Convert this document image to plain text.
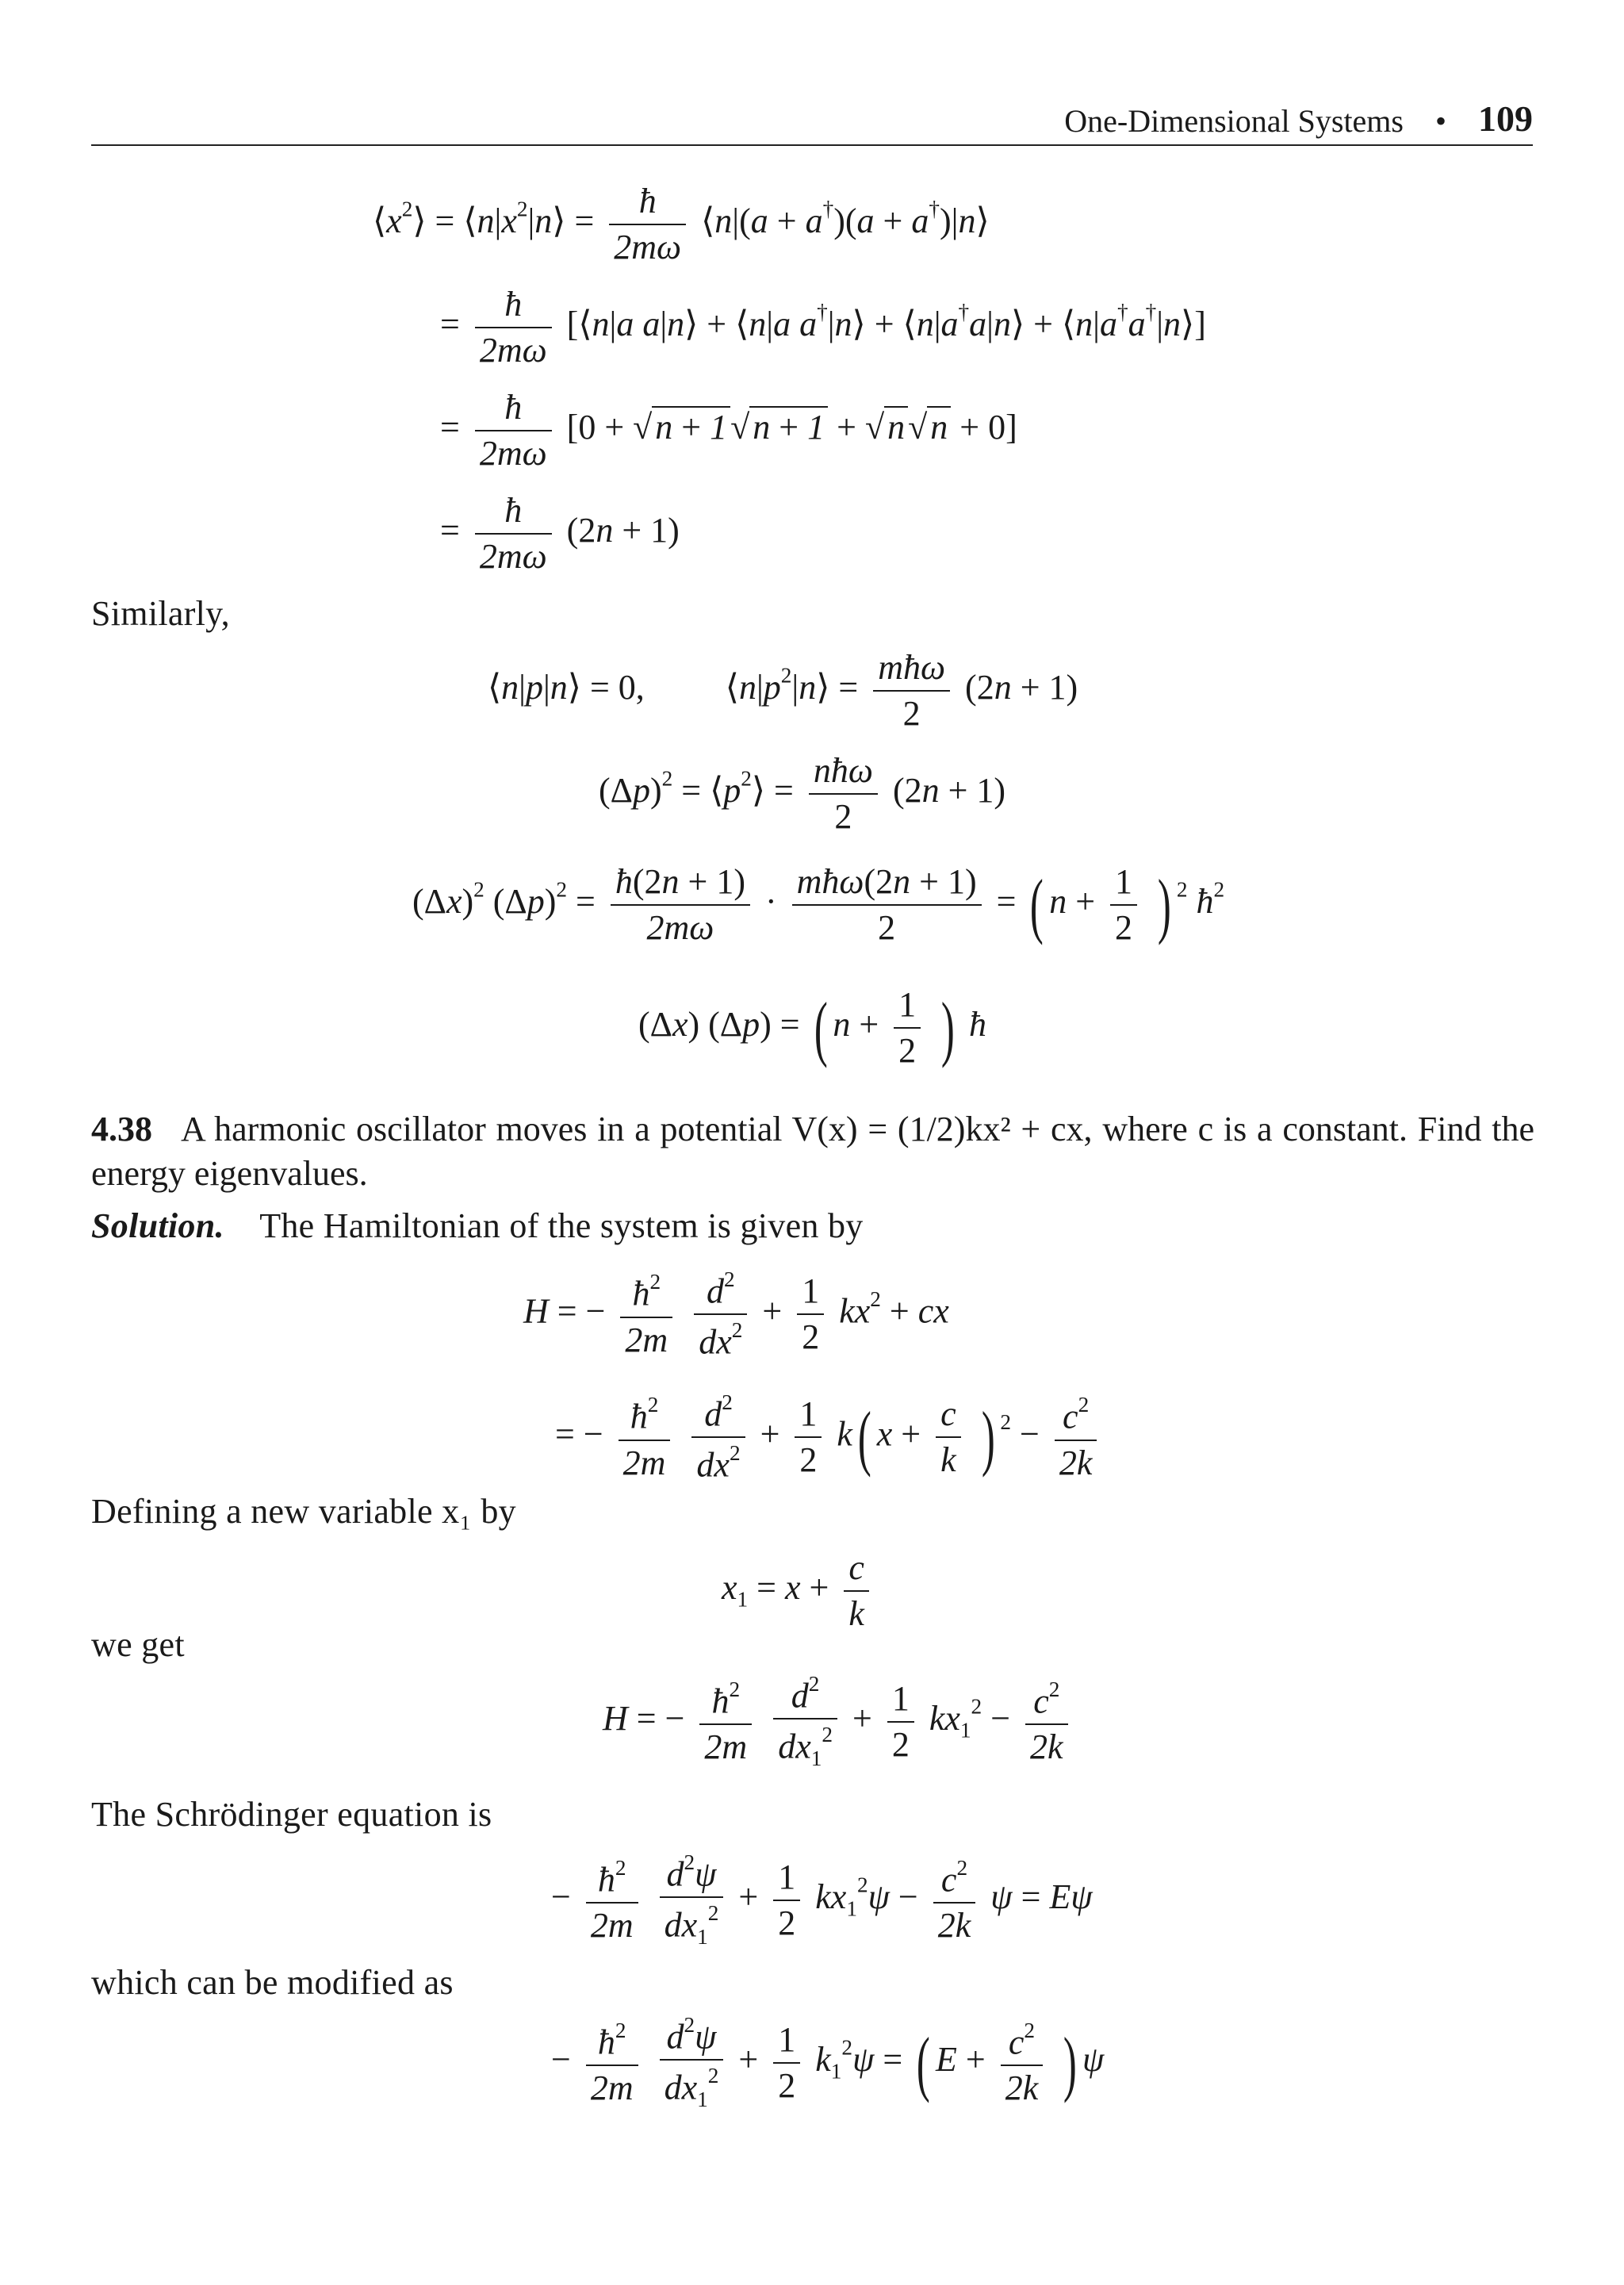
One-Dimensional Systems • 109
$⟨x^2⟩$ = $⟨n|x^2|n⟩ = \frac{ħ}{2m\omega}$ ⟨n|(a + a†)(a + a†)|n⟩
= $\frac{ħ}{2m\omega}$ [⟨n|a a|n⟩ + ⟨n|a a†|n⟩ + ⟨n|a†a|n⟩ + ⟨n|a†a†|n⟩]
= $\frac{ħ}{2m\omega} [0 + √n + 1√n + 1 + √n√n + 0]$
= $\frac{ħ}{2m\omega} (2n + 1)$
Similarly,
⟨n|p|n⟩ = 0, $⟨n|p^2|n⟩ = \frac{\text{mħω}}{2} (2n + 1)$
$(\Delta p)^2$ = $⟨p^2⟩ = \frac{\text{nħω}}{2} (2n + 1)$
$(\Delta x)^2$ $(\Delta p)^2 = \frac{ħ(2n + 1)}{2m\omega} \cdot \frac{\text{mħω(2n + 1)}}{2}$ = ( $n + \frac{1}{2}$ ) $^2$ $ħ^2$
(Δx) (Δp) = ( $n + \frac{1}{2}$ ) ħ
4.38 A harmonic oscillator moves in a potential V(x) = (1/2)kx² + cx, where c is a constant. Find the energy eigenvalues.
Solution. The Hamiltonian of the system is given by
H = − $\frac{ħ^2}{2m}$
$\frac{d^2}{dx^2} + \frac{1}{2} kx^2$ + cx
= − $\frac{ħ^2}{2m}$
$\frac{d^2}{dx^2} + \frac{1}{2} k$( $x + \frac{c}{k}$ ) $^2 - \frac{c^2}{2k}$
Defining a new variable x₁ by
$x_1 = x + \frac{c}{k}$
we get
H = − $\frac{ħ^2}{2m}$
$\frac{d^2}{dx_1^2} + \frac{1}{2} kx_1^2 - \frac{c^2}{2k}$
The Schrödinger equation is
− $\frac{ħ^2}{2m}$
$\frac{d^2\psi}{dx_1^2} + \frac{1}{2} kx_1^2\psi - \frac{c^2}{2k}$ ψ = Eψ
which can be modified as
− $\frac{ħ^2}{2m}$
$\frac{d^2\psi}{dx_1^2} + \frac{1}{2} k_1^2\psi$ = ( $E + \frac{c^2}{2k}$ ) ψ
